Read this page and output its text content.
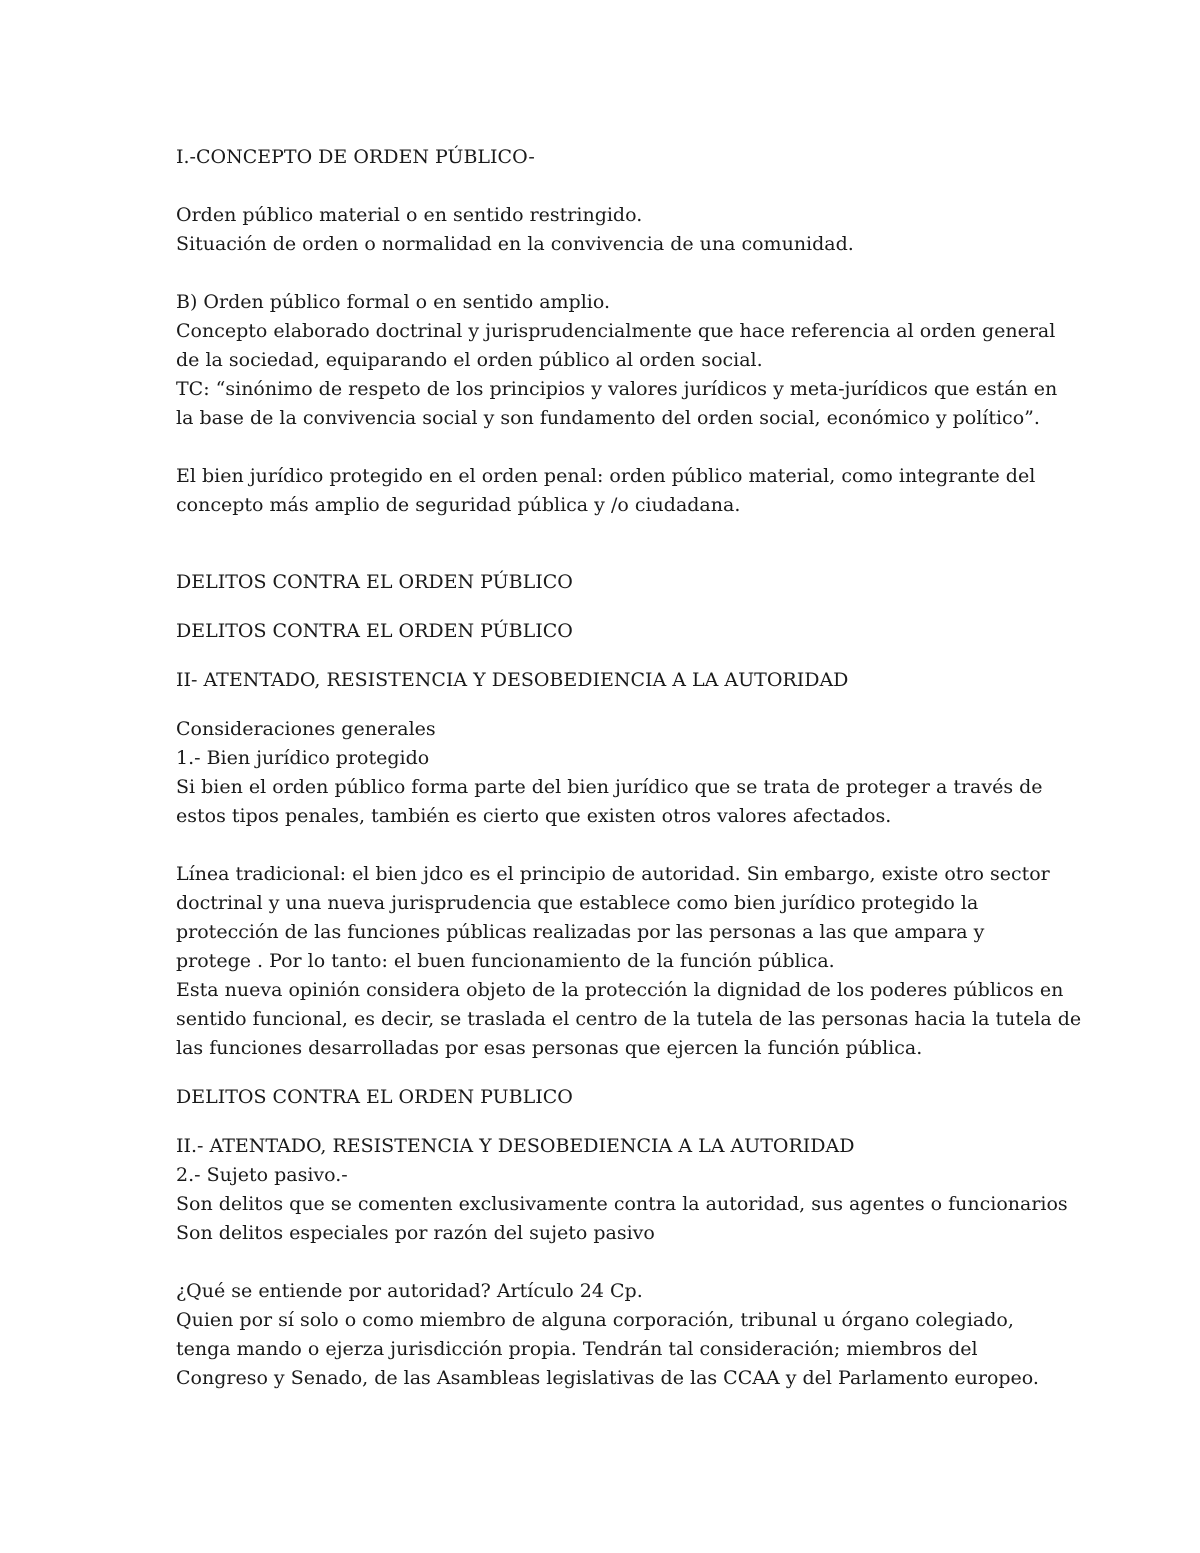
I.-CONCEPTO DE ORDEN PÚBLICO-
Orden público material o en sentido restringido.
Situación de orden o normalidad en la convivencia de una comunidad.
B) Orden público formal o en sentido amplio.
Concepto elaborado doctrinal y jurisprudencialmente que hace referencia al orden general
de la sociedad, equiparando el orden público al orden social.
TC: “sinónimo de respeto de los principios y valores jurídicos y meta-jurídicos que están en
la base de la convivencia social y son fundamento del orden social, económico y político”.
El bien jurídico protegido en el orden penal: orden público material, como integrante del
concepto más amplio de seguridad pública y /o ciudadana.
DELITOS CONTRA EL ORDEN PÚBLICO
DELITOS CONTRA EL ORDEN PÚBLICO
II- ATENTADO, RESISTENCIA Y DESOBEDIENCIA A LA AUTORIDAD
Consideraciones generales
1.- Bien jurídico protegido
Si bien el orden público forma parte del bien jurídico que se trata de proteger a través de
estos tipos penales, también es cierto que existen otros valores afectados.
Línea tradicional: el bien jdco es el principio de autoridad. Sin embargo, existe otro sector
doctrinal y una nueva jurisprudencia que establece como bien jurídico protegido la
protección de las funciones públicas realizadas por las personas a las que ampara y
protege . Por lo tanto: el buen funcionamiento de la función pública.
Esta nueva opinión considera objeto de la protección la dignidad de los poderes públicos en
sentido funcional, es decir, se traslada el centro de la tutela de las personas hacia la tutela de
las funciones desarrolladas por esas personas que ejercen la función pública.
DELITOS CONTRA EL ORDEN PUBLICO
II.- ATENTADO, RESISTENCIA Y DESOBEDIENCIA A LA AUTORIDAD
2.- Sujeto pasivo.-
Son delitos que se comenten exclusivamente contra la autoridad, sus agentes o funcionarios
Son delitos especiales por razón del sujeto pasivo
¿Qué se entiende por autoridad? Artículo 24 Cp.
Quien por sí solo o como miembro de alguna corporación, tribunal u órgano colegiado,
tenga mando o ejerza jurisdicción propia. Tendrán tal consideración; miembros del
Congreso y Senado, de las Asambleas legislativas de las CCAA y del Parlamento europeo.
